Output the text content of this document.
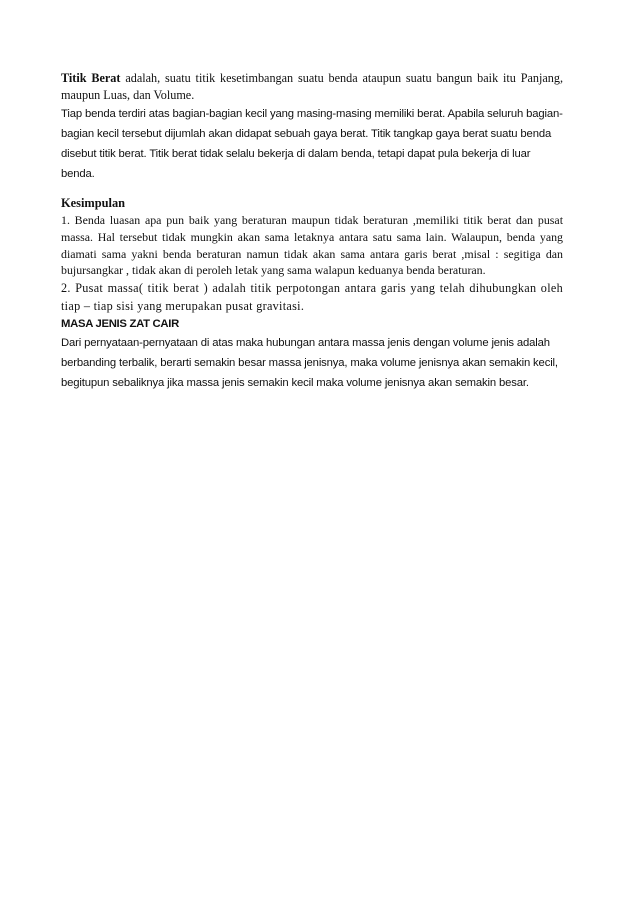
Titik Berat adalah, suatu titik kesetimbangan suatu benda ataupun suatu bangun baik itu Panjang, maupun Luas, dan Volume.

Tiap benda terdiri atas bagian-bagian kecil yang masing-masing memiliki berat. Apabila seluruh bagian-bagian kecil tersebut dijumlah akan didapat sebuah gaya berat. Titik tangkap gaya berat suatu benda disebut titik berat. Titik berat tidak selalu bekerja di dalam benda, tetapi dapat pula bekerja di luar benda.

Kesimpulan

1. Benda luasan apa pun baik yang beraturan maupun tidak beraturan ,memiliki titik berat dan pusat massa. Hal tersebut tidak mungkin akan sama letaknya antara satu sama lain. Walaupun, benda yang diamati sama yakni benda beraturan namun tidak akan sama antara garis berat ,misal : segitiga dan bujursangkar , tidak akan di peroleh letak yang sama walapun keduanya benda beraturan.

2. Pusat massa( titik berat ) adalah titik perpotongan antara garis yang telah dihubungkan oleh tiap – tiap sisi yang merupakan pusat gravitasi.

MASA JENIS ZAT CAIR

Dari pernyataan-pernyataan di atas maka hubungan antara massa jenis dengan volume jenis adalah berbanding terbalik, berarti semakin besar massa jenisnya, maka volume jenisnya akan semakin kecil, begitupun sebaliknya jika massa jenis semakin kecil maka volume jenisnya akan semakin besar.
